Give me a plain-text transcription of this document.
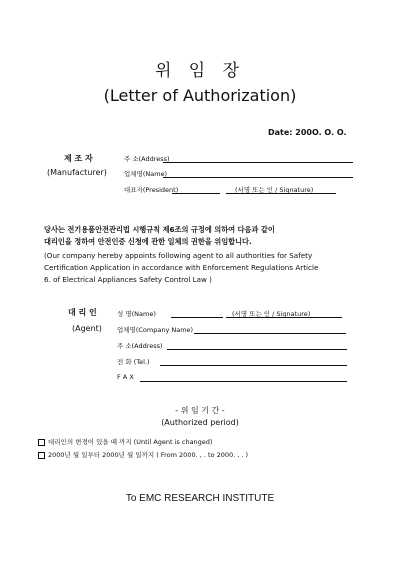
위 임 장
(Letter of Authorization)
Date: 200O. O. O.
제 조 자
(Manufacturer)
주 소(Address)
업체명(Name)
대표자(President)	(서명 또는 인 / Signature)
당사는 전기용품안전관리법 시행규칙 제6조의 규정에 의하여 다음과 같이
대리인을 정하여 안전인증 신청에 관한 일체의 권한을 위임합니다.
(Our company hereby appoints following agent to all authorities for Safety
Certification Application in accordance with Enforcement Regulations Article
6. of Electrical Appliances Safety Control Law )
대 리 인
(Agent)
성 명(Name)	(서명 또는 인 / Signature)
업체명(Company Name)
주 소(Address)
전 화 (Tel.)
F A X
- 위 임 기 간 -
(Authorized period)
대리인의 변경이 있을 때 까지 (Until Agent is changed)
2000년 월 일부터 2000년 월 일까지 ( From 2000. , . to 2000. , . )
To EMC RESEARCH INSTITUTE
